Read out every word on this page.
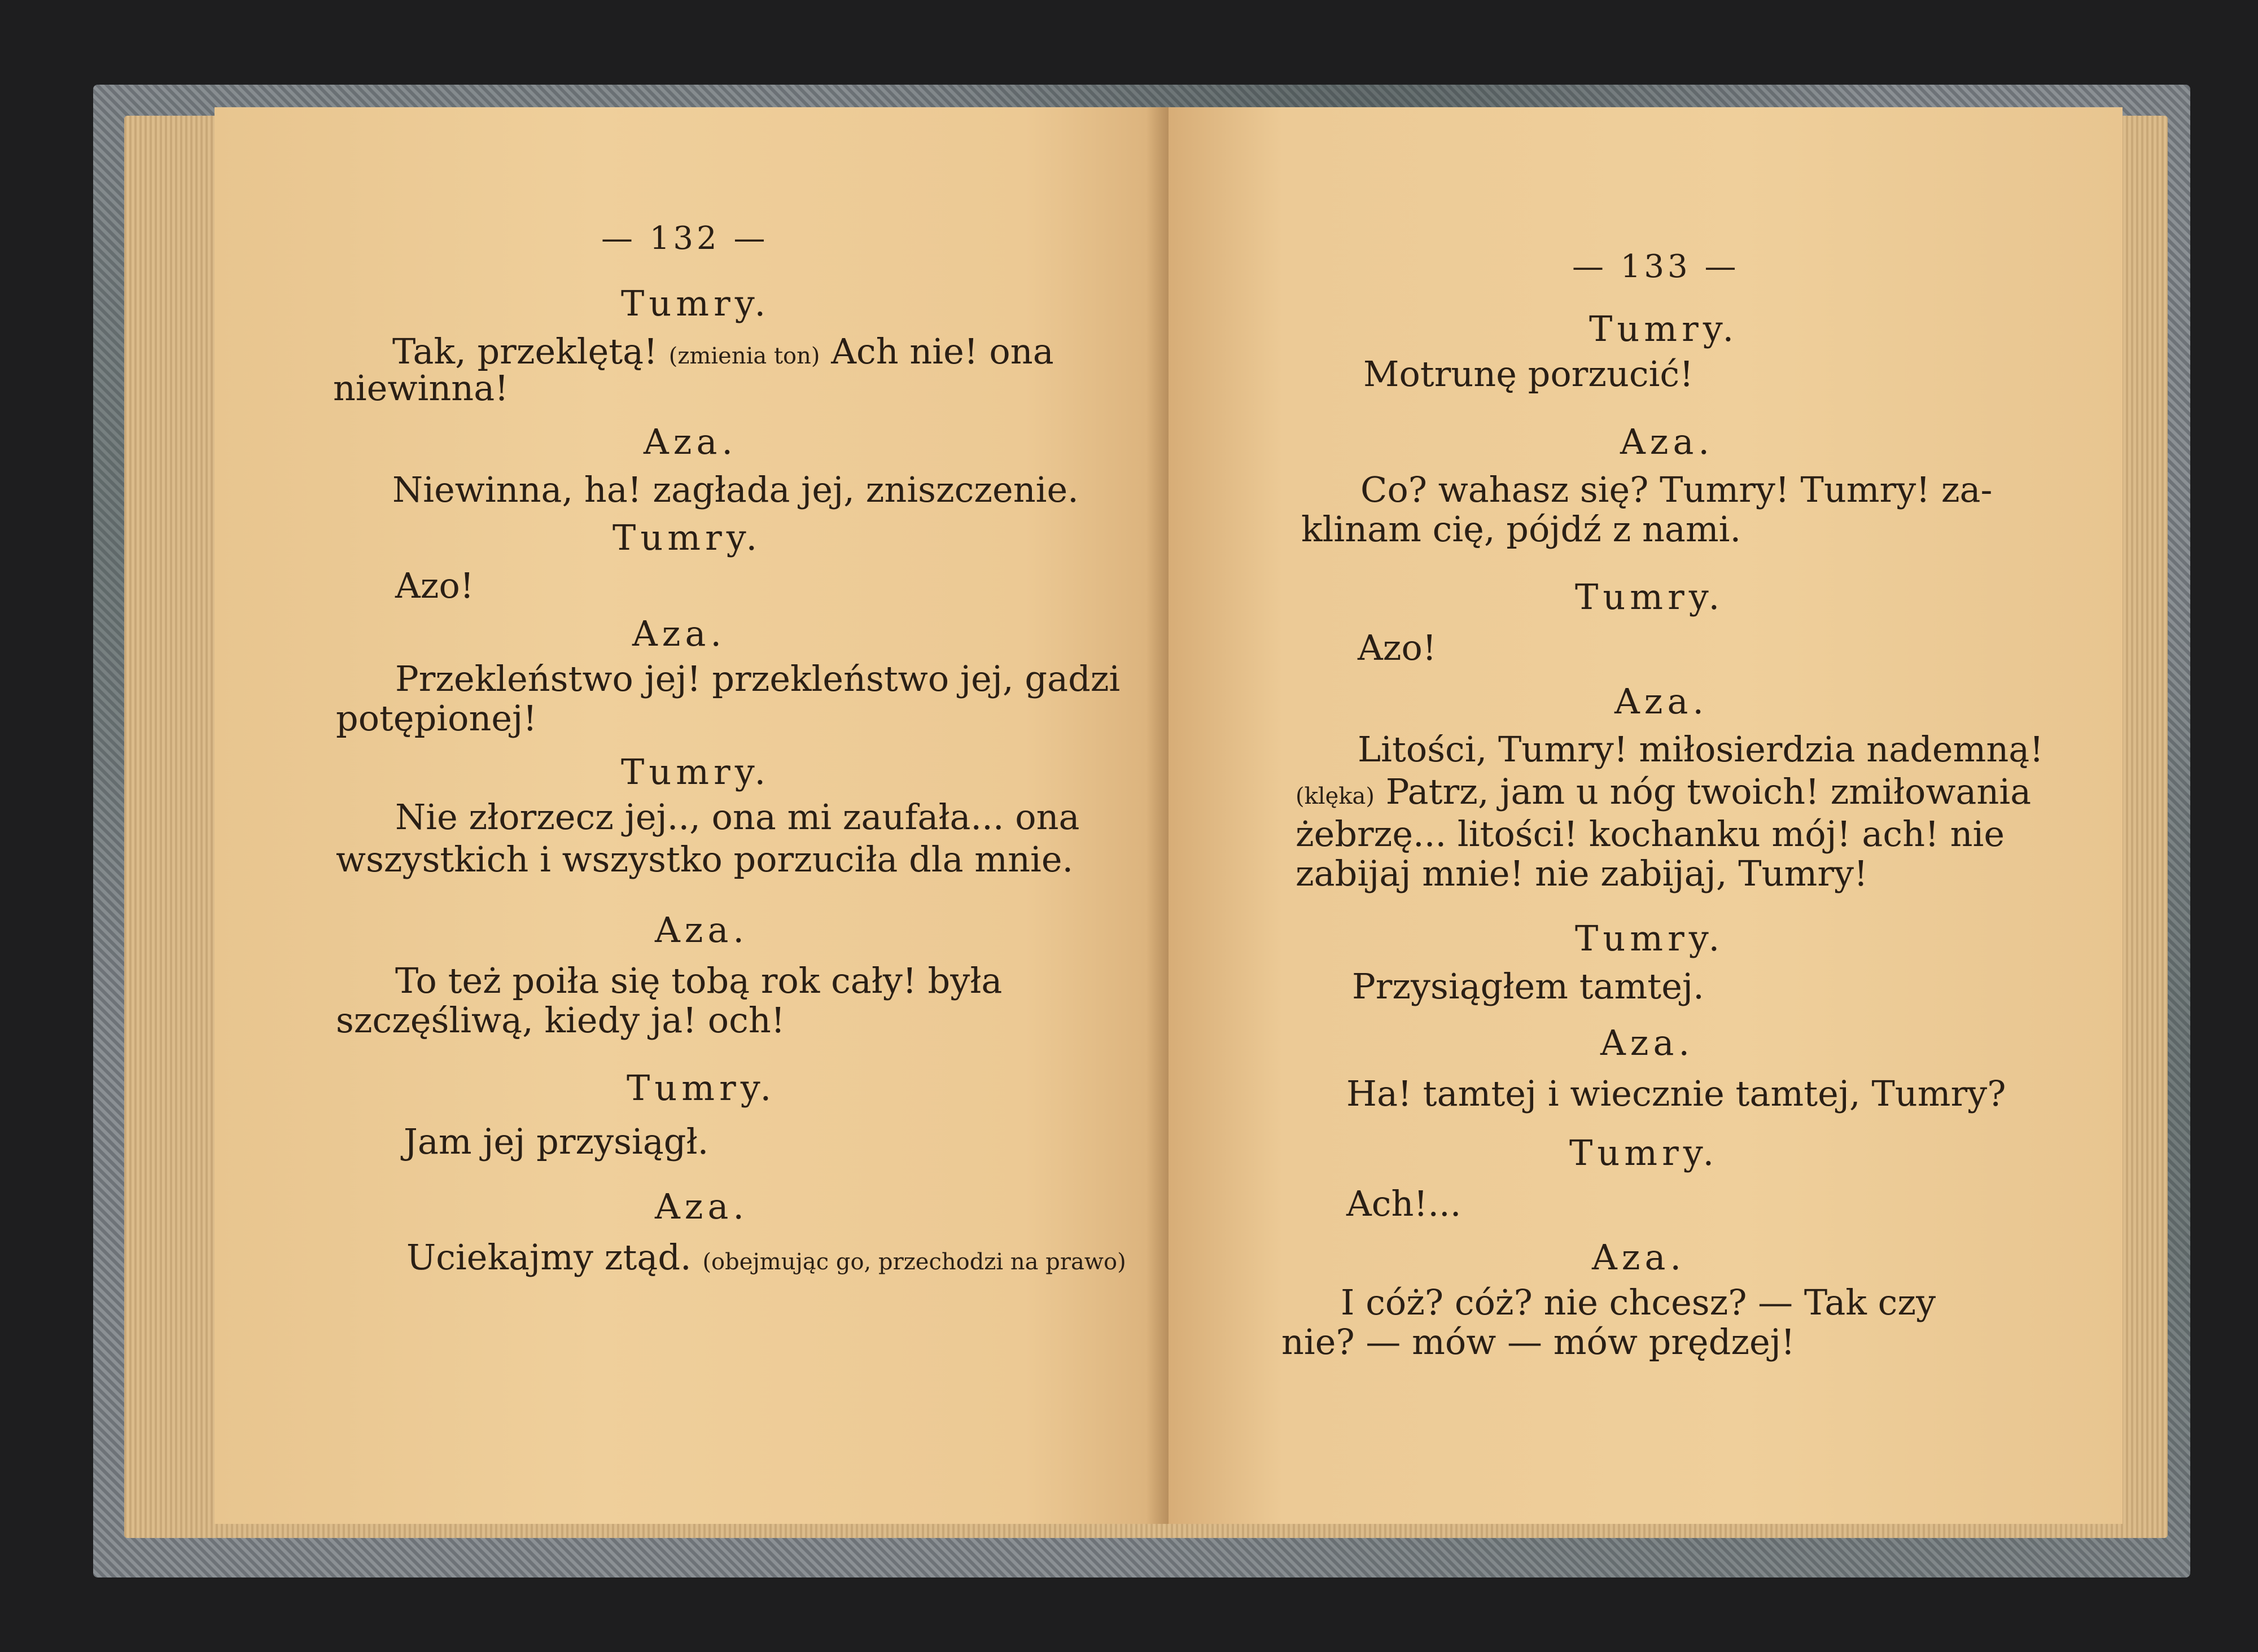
— 132 —
Tumry.
Tak, przeklętą! (zmienia ton) Ach nie! ona
niewinna!
Aza.
Niewinna, ha! zagłada jej, zniszczenie.
Tumry.
Azo!
Aza.
Przekleństwo jej! przekleństwo jej, gadzi
potępionej!
Tumry.
Nie złorzecz jej.., ona mi zaufała... ona
wszystkich i wszystko porzuciła dla mnie.
Aza.
To też poiła się tobą rok cały! była
szczęśliwą, kiedy ja! och!
Tumry.
Jam jej przysiągł.
Aza.
Uciekajmy ztąd. (obejmując go, przechodzi na prawo)
— 133 —
Tumry.
Motrunę porzucić!
Aza.
Co? wahasz się? Tumry! Tumry! za-
klinam cię, pójdź z nami.
Tumry.
Azo!
Aza.
Litości, Tumry! miłosierdzia nademną!
(klęka) Patrz, jam u nóg twoich! zmiłowania
żebrzę... litości! kochanku mój! ach! nie
zabijaj mnie! nie zabijaj, Tumry!
Tumry.
Przysiągłem tamtej.
Aza.
Ha! tamtej i wiecznie tamtej, Tumry?
Tumry.
Ach!...
Aza.
I cóż? cóż? nie chcesz? — Tak czy
nie? — mów — mów prędzej!
